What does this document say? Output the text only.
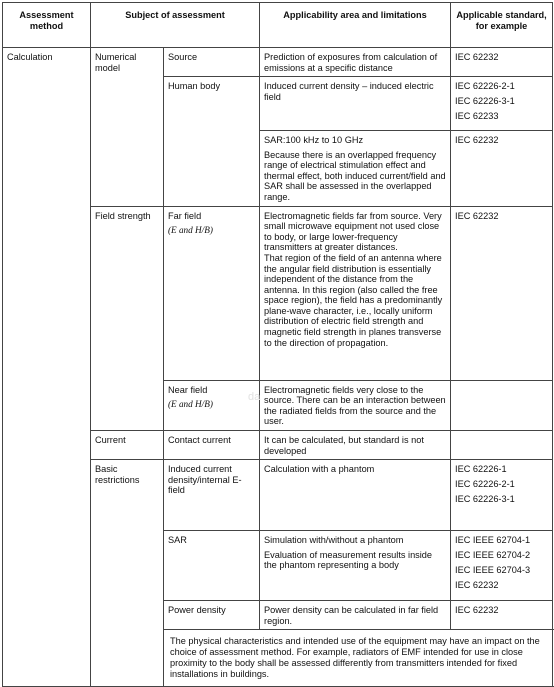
Assessment method	Subject of assessment		Applicability area and limitations	Applicable standard, for example
Calculation	Numerical model	Source	Prediction of exposures from calculation of emissions at a specific distance	IEC 62232

		Human body	Induced current density – induced electric field	IEC 62226-2-1
IEC 62226-3-1
IEC 62233

			SAR:100 kHz to 10 GHz
Because there is an overlapped frequency range of electrical stimulation effect and thermal effect, both induced current/field and SAR shall be assessed in the overlapped range.	IEC 62232

	Field strength	Far field
(E and H/B)	Electromagnetic fields far from source. Very small microwave equipment not used close to body, or large lower-frequency transmitters at greater distances.
That region of the field of an antenna where the angular field distribution is essentially independent of the distance from the antenna. In this region (also called the free space region), the field has a predominantly plane-wave character, i.e., locally uniform distribution of electric field strength and magnetic field strength in planes transverse to the direction of propagation.	IEC 62232

		Near field
(E and H/B)	Electromagnetic fields very close to the source. There can be an interaction between the radiated fields from the source and the user.	
	Current	Contact current	It can be calculated, but standard is not developed	
	Basic restrictions	Induced current density/internal E-field	Calculation with a phantom	IEC 62226-1
IEC 62226-2-1
IEC 62226-3-1

		SAR	Simulation with/without a phantom
Evaluation of measurement results inside the phantom representing a body	IEC IEEE 62704-1
IEC IEEE 62704-2
IEC IEEE 62704-3
IEC 62232

		Power density	Power density can be calculated in far field region.	IEC 62232

		The physical characteristics and intended use of the equipment may have an impact on the choice of assessment method. For example, radiators of EMF intended for use in close proximity to the body shall be assessed differently from transmitters intended for fixed installations in buildings.		
da
